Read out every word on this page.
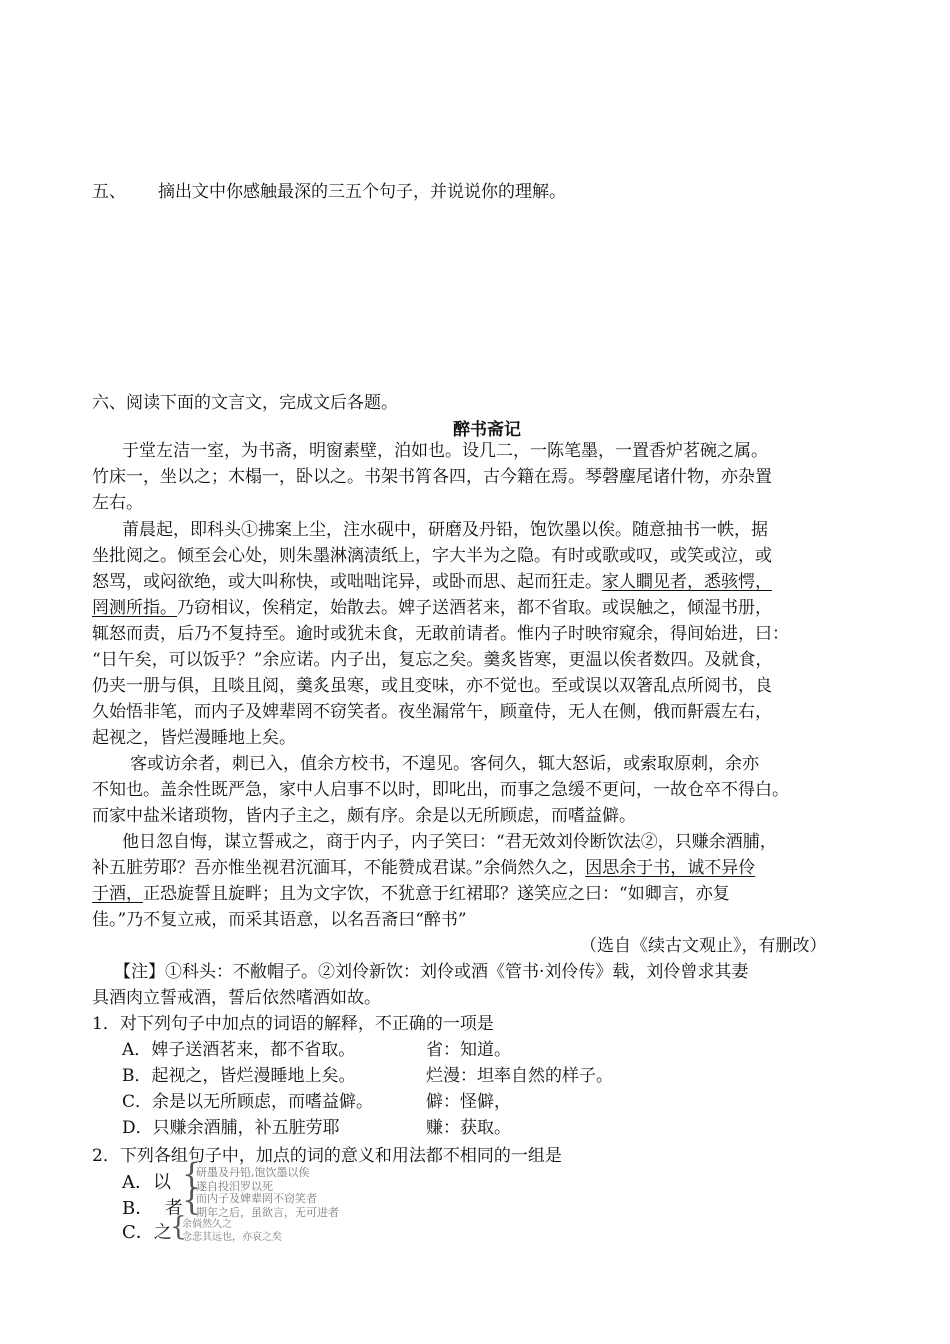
五、 摘出文中你感触最深的三五个句子，并说说你的理解。
六、阅读下面的文言文，完成文后各题。
醉书斋记
于堂左洁一室，为书斋，明窗素壁，泊如也。设几二，一陈笔墨，一置香炉茗碗之属。
竹床一，坐以之；木榻一，卧以之。书架书筲各四，古今籍在焉。琴磬麈尾诸什物，亦杂置
左右。
莆晨起，即科头①拂案上尘，注水砚中，研磨及丹铅，饱饮墨以俟。随意抽书一帙，据
坐批阅之。倾至会心处，则朱墨淋漓渍纸上，字大半为之隐。有时或歌或叹，或笑或泣，或
怒骂，或闷欲绝，或大叫称快，或咄咄诧异，或卧而思、起而狂走。家人瞷见者，悉骇愕，
罔测所指。乃窃相议，俟稍定，始散去。婢子送酒茗来，都不省取。或误触之，倾湿书册，
辄怒而责，后乃不复持至。逾时或犹未食，无敢前请者。惟内子时映帘窥余，得间始进，曰：
“日午矣，可以饭乎？”余应诺。内子出，复忘之矣。羹炙皆寒，更温以俟者数四。及就食，
仍夹一册与俱，且啖且阅，羹炙虽寒，或且变味，亦不觉也。至或误以双箸乱点所阅书，良
久始悟非笔，而内子及婢辈罔不窃笑者。夜坐漏常午，顾童侍，无人在侧，俄而鼾震左右，
起视之，皆烂漫睡地上矣。
客或访余者，刺已入，值余方校书，不遑见。客伺久，辄大怒诟，或索取原刺，余亦
不知也。盖余性既严急，家中人启事不以时，即叱出，而事之急缓不更问，一故仓卒不得白。
而家中盐米诸琐物，皆内子主之，颇有序。余是以无所顾虑，而嗜益僻。
他日忽自悔，谋立誓戒之，商于内子，内子笑曰：“君无效刘伶断饮法②，只赚余酒脯，
补五脏劳耶？吾亦惟坐视君沉湎耳，不能赞成君谋。”余倘然久之，因思余于书，诚不异伶
于酒，正恐旋誓且旋畔；且为文字饮，不犹意于红裙耶？遂笑应之曰：“如卿言，亦复
佳。”乃不复立戒，而采其语意，以名吾斋曰“醉书”
（选自《续古文观止》，有删改）
【注】①科头：不敝帽子。②刘伶新饮：刘伶或酒《管书·刘伶传》载，刘伶曾求其妻
具酒肉立誓戒酒，誓后依然嗜酒如故。
1．对下列句子中加点的词语的解释，不正确的一项是
A．婢子送酒茗来，都不省取。	省：知道。
B．起视之，皆烂漫睡地上矣。	烂漫：坦率自然的样子。
C．余是以无所顾虑，而嗜益僻。	僻：怪僻，
D．只赚余酒脯，补五脏劳耶	赚：获取。
2．下列各组句子中，加点的词的意义和用法都不相同的一组是
A．以 {
研墨及丹铅,饱饮墨以俟
遂自投汨罗以死
B．  者 {
而内子及婢辈罔不窃笑者
期年之后，虽欲言，无可进者
C．之
{
余倘然久之
念悲其远也，亦哀之矣
